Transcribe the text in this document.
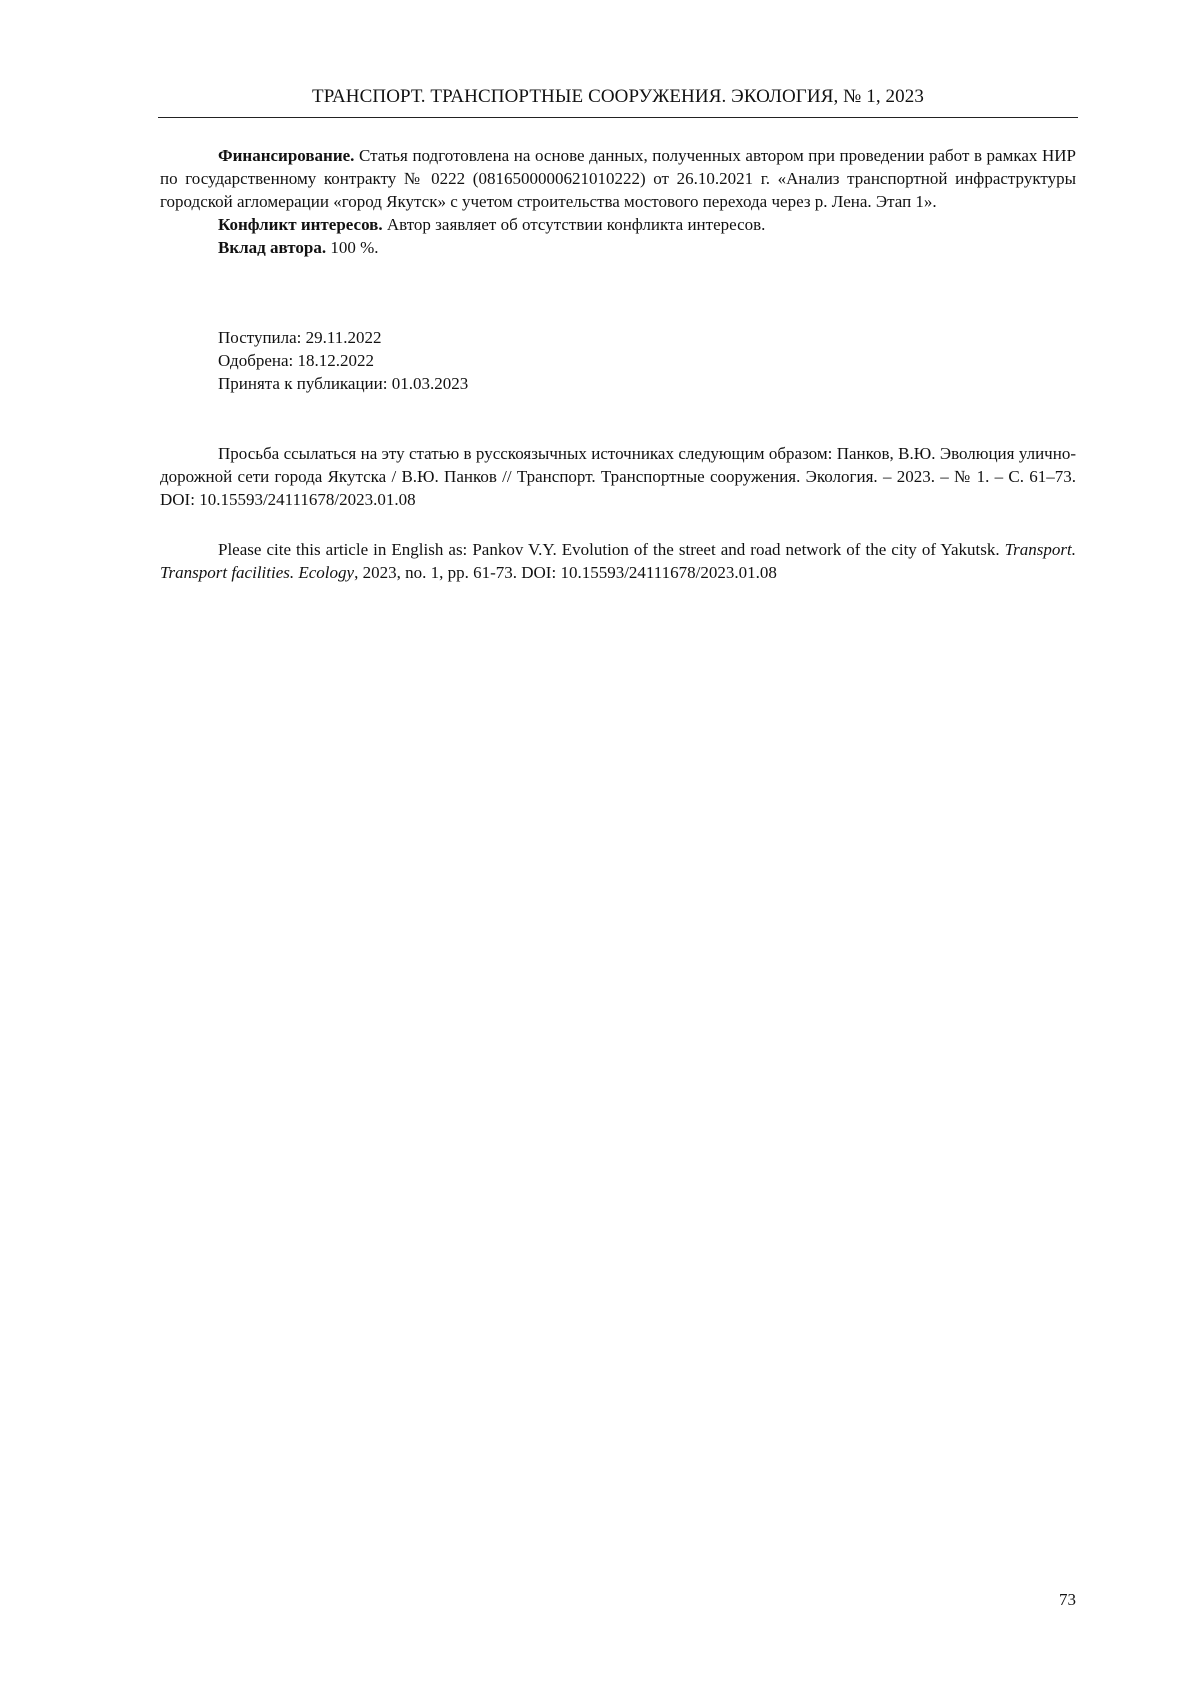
ТРАНСПОРТ. ТРАНСПОРТНЫЕ СООРУЖЕНИЯ. ЭКОЛОГИЯ, № 1, 2023

Финансирование. Статья подготовлена на основе данных, полученных автором при проведении работ в рамках НИР по государственному контракту № 0222 (0816500000621010222) от 26.10.2021 г. «Анализ транспортной инфраструктуры городской агломерации «город Якутск» с учетом строительства мостового перехода через р. Лена. Этап 1».

Конфликт интересов. Автор заявляет об отсутствии конфликта интересов.

Вклад автора. 100 %.

Поступила: 29.11.2022
Одобрена: 18.12.2022
Принята к публикации: 01.03.2023

Просьба ссылаться на эту статью в русскоязычных источниках следующим образом: Панков, В.Ю. Эволюция улично-дорожной сети города Якутска / В.Ю. Панков // Транспорт. Транспортные сооружения. Экология. – 2023. – № 1. – С. 61–73. DOI: 10.15593/24111678/2023.01.08

Please cite this article in English as: Pankov V.Y. Evolution of the street and road network of the city of Yakutsk. Transport. Transport facilities. Ecology, 2023, no. 1, pp. 61-73. DOI: 10.15593/24111678/2023.01.08

73
